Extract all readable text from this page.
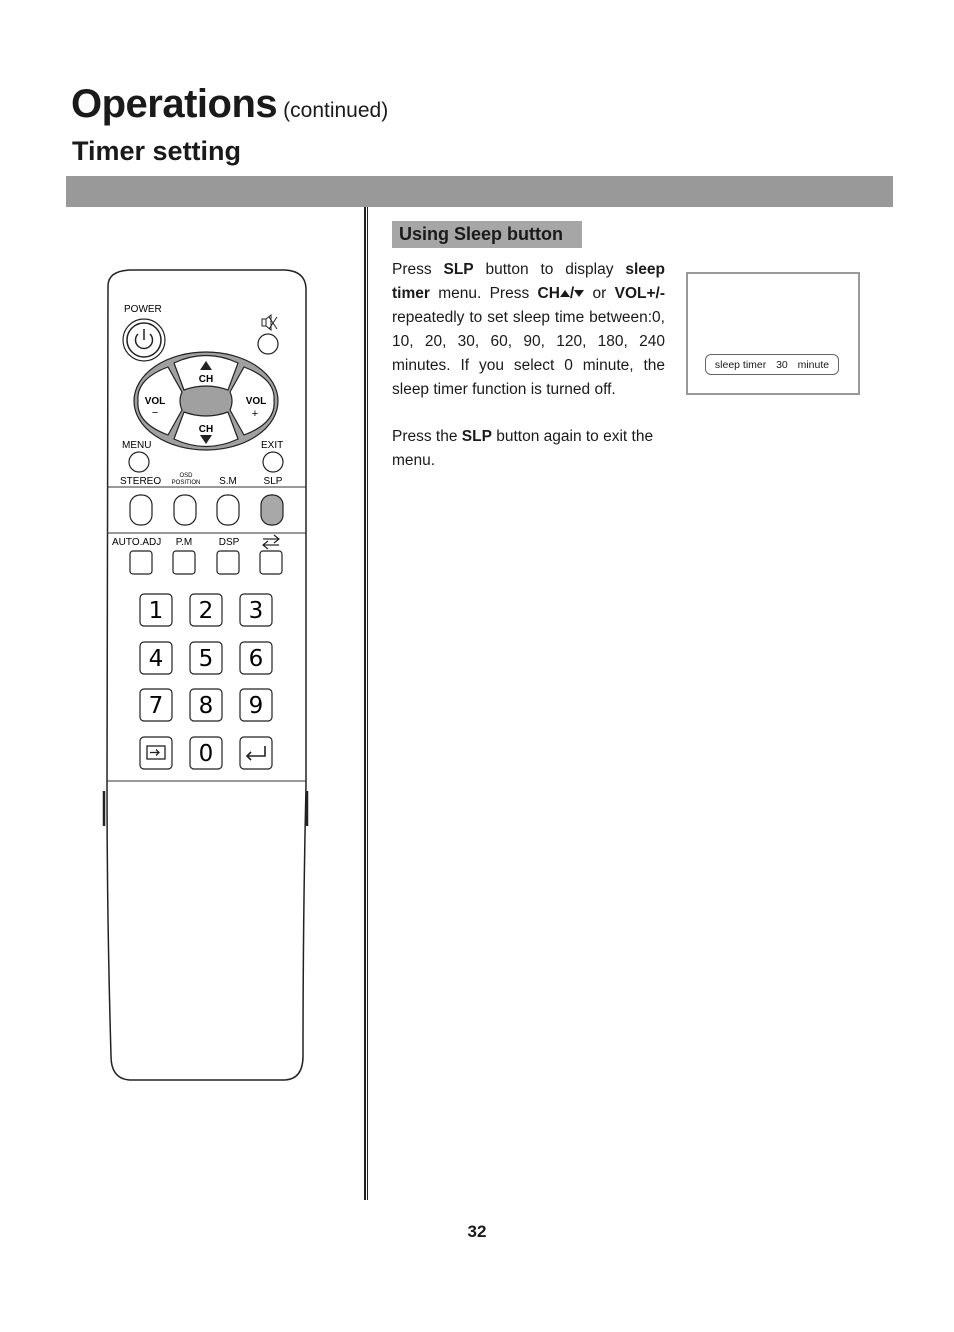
Operations (continued)
Timer setting
Using Sleep button
Press SLP button to display sleep timer menu. Press CH / or VOL+/- repeatedly to set sleep time between:0, 10, 20, 30, 60, 90, 120, 180, 240 minutes. If you select 0 minute, the sleep timer function is turned off.
Press the SLP button again to exit the menu.
sleep timer 30 minute
POWER
CH
CH
VOL
−
VOL
+
MENU	EXIT
STEREO	OSD
POSITION S.M	SLP
AUTO.ADJ P.M	DSP
1 2 3
4 5 6
7 8 9
0
32
